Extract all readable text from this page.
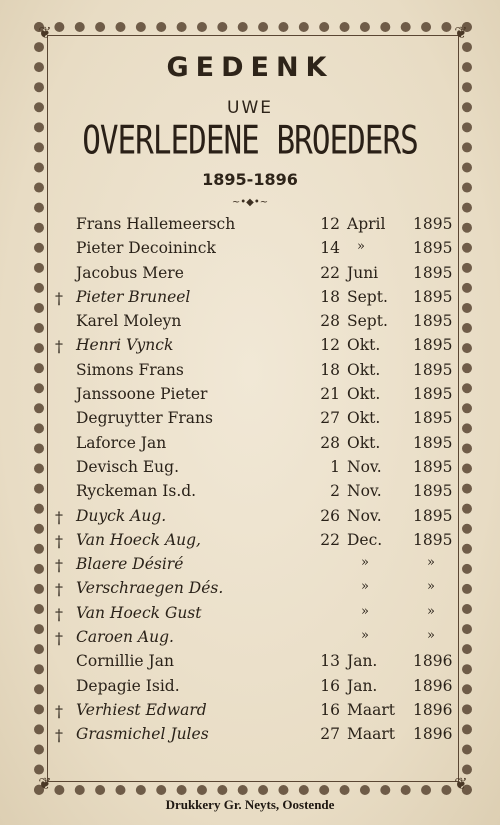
❦	❦
❦	❦
GEDENK
UWE
OVERLEDENE BROEDERS
1895-1896
~•◆•~
Frans Hallemeersch	12 April 1895
Pieter Decoininck	14 »	1895
Jacobus Mere	22 Juni 1895
† Pieter Bruneel	18 Sept. 1895
Karel Moleyn	28 Sept. 1895
† Henri Vynck	12 Okt. 1895
Simons Frans	18 Okt. 1895
Janssoone Pieter	21 Okt. 1895
Degruytter Frans	27 Okt. 1895
Laforce Jan	28 Okt. 1895
Devisch Eug.	1 Nov. 1895
Ryckeman Is.d.	2 Nov. 1895
† Duyck Aug.	26 Nov. 1895
† Van Hoeck Aug,	22 Dec. 1895
† Blaere Désiré	»	»
† Verschraegen Dés.	»	»
† Van Hoeck Gust	»	»
† Caroen Aug.	»	»
Cornillie Jan	13 Jan. 1896
Depagie Isid.	16 Jan. 1896
† Verhiest Edward	16 Maart 1896
† Grasmichel Jules	27 Maart 1896
Drukkery Gr. Neyts, Oostende
